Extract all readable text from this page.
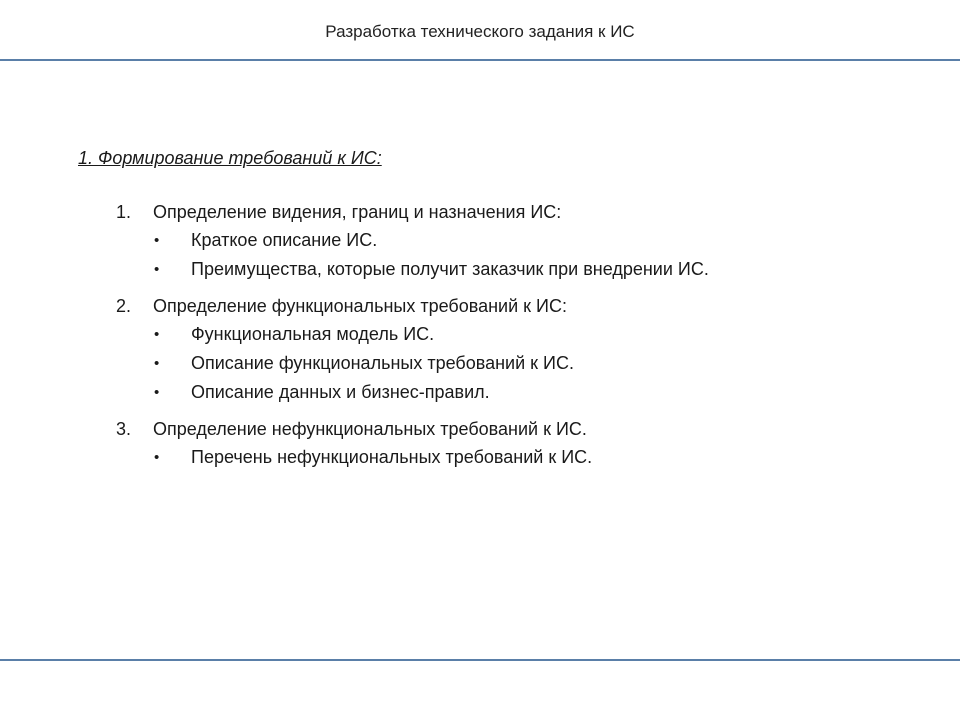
Разработка технического задания к ИС
1. Формирование требований к ИС:
1. Определение видения, границ и назначения ИС:
• Краткое описание ИС.
• Преимущества, которые получит заказчик при внедрении ИС.
2. Определение функциональных требований к ИС:
• Функциональная модель ИС.
• Описание функциональных требований к ИС.
• Описание данных и бизнес-правил.
3. Определение нефункциональных требований к ИС.
• Перечень нефункциональных требований к ИС.
